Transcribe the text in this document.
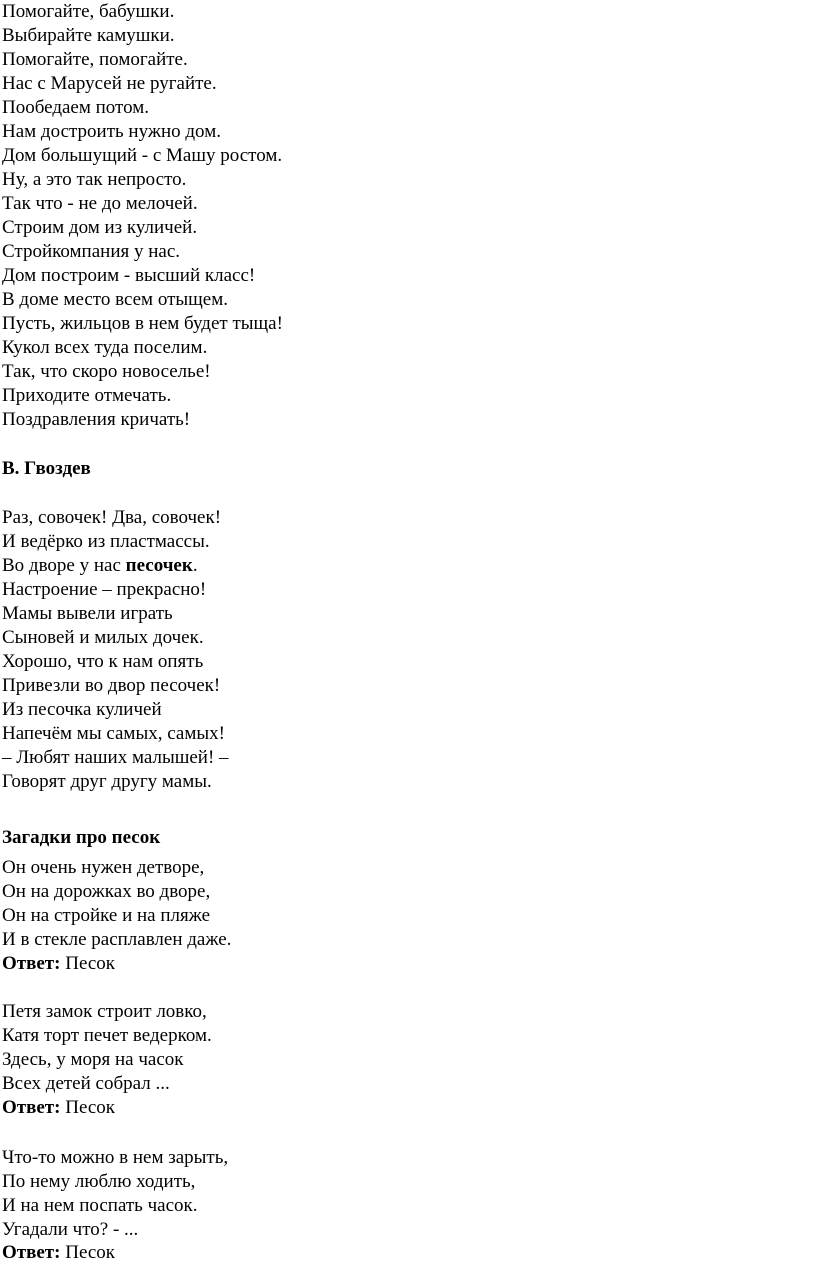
Помогайте, бабушки.
Выбирайте камушки.
Помогайте, помогайте.
Нас с Марусей не ругайте.
Пообедаем потом.
Нам достроить нужно дом.
Дом большущий - с Машу ростом.
Ну, а это так непросто.
Так что - не до мелочей.
Строим дом из куличей.
Стройкомпания у нас.
Дом построим - высший класс!
В доме место всем отыщем.
Пусть, жильцов в нем будет тыща!
Кукол всех туда поселим.
Так, что скоро новоселье!
Приходите отмечать.
Поздравления кричать!
В. Гвоздев
Раз, совочек! Два, совочек!
И ведёрко из пластмассы.
Во дворе у нас песочек.
Настроение – прекрасно!
Мамы вывели играть
Сыновей и милых дочек.
Хорошо, что к нам опять
Привезли во двор песочек!
Из песочка куличей
Напечём мы самых, самых!
– Любят наших малышей! –
Говорят друг другу мамы.
Загадки про песок
Он очень нужен детворе,
Он на дорожках во дворе,
Он на стройке и на пляже
И в стекле расплавлен даже.
Ответ: Песок
Петя замок строит ловко,
Катя торт печет ведерком.
Здесь, у моря на часок
Всех детей собрал ...
Ответ: Песок
Что-то можно в нем зарыть,
По нему люблю ходить,
И на нем поспать часок.
Угадали что? - ...
Ответ: Песок
